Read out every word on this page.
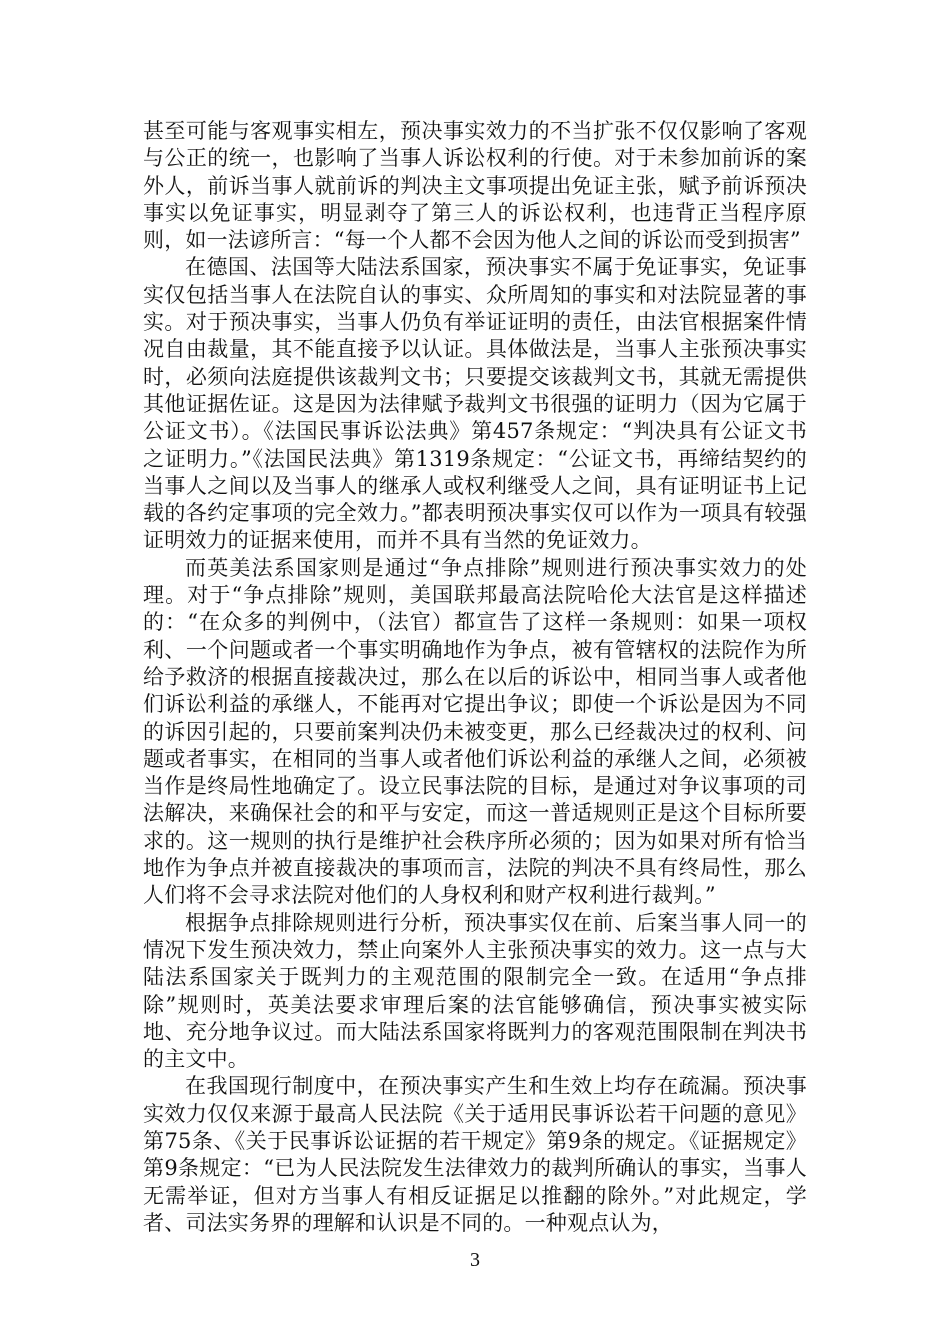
甚至可能与客观事实相左，预决事实效力的不当扩张不仅仅影响了客观与公正的统一，也影响了当事人诉讼权利的行使。对于未参加前诉的案外人，前诉当事人就前诉的判决主文事项提出免证主张，赋予前诉预决事实以免证事实，明显剥夺了第三人的诉讼权利，也违背正当程序原则，如一法谚所言：“每一个人都不会因为他人之间的诉讼而受到损害”

在德国、法国等大陆法系国家，预决事实不属于免证事实，免证事实仅包括当事人在法院自认的事实、众所周知的事实和对法院显著的事实。对于预决事实，当事人仍负有举证证明的责任，由法官根据案件情况自由裁量，其不能直接予以认证。具体做法是，当事人主张预决事实时，必须向法庭提供该裁判文书；只要提交该裁判文书，其就无需提供其他证据佐证。这是因为法律赋予裁判文书很强的证明力（因为它属于公证文书）。《法国民事诉讼法典》第457条规定：“判决具有公证文书之证明力。”《法国民法典》第1319条规定：“公证文书，再缔结契约的当事人之间以及当事人的继承人或权利继受人之间，具有证明证书上记载的各约定事项的完全效力。”都表明预决事实仅可以作为一项具有较强证明效力的证据来使用，而并不具有当然的免证效力。

而英美法系国家则是通过“争点排除”规则进行预决事实效力的处理。对于“争点排除”规则，美国联邦最高法院哈伦大法官是这样描述的：“在众多的判例中，（法官）都宣告了这样一条规则：如果一项权利、一个问题或者一个事实明确地作为争点，被有管辖权的法院作为所给予救济的根据直接裁决过，那么在以后的诉讼中，相同当事人或者他们诉讼利益的承继人，不能再对它提出争议；即使一个诉讼是因为不同的诉因引起的，只要前案判决仍未被变更，那么已经裁决过的权利、问题或者事实，在相同的当事人或者他们诉讼利益的承继人之间，必须被当作是终局性地确定了。设立民事法院的目标，是通过对争议事项的司法解决，来确保社会的和平与安定，而这一普适规则正是这个目标所要求的。这一规则的执行是维护社会秩序所必须的；因为如果对所有恰当地作为争点并被直接裁决的事项而言，法院的判决不具有终局性，那么人们将不会寻求法院对他们的人身权利和财产权利进行裁判。”

根据争点排除规则进行分析，预决事实仅在前、后案当事人同一的情况下发生预决效力，禁止向案外人主张预决事实的效力。这一点与大陆法系国家关于既判力的主观范围的限制完全一致。在适用“争点排除”规则时，英美法要求审理后案的法官能够确信，预决事实被实际地、充分地争议过。而大陆法系国家将既判力的客观范围限制在判决书的主文中。

在我国现行制度中，在预决事实产生和生效上均存在疏漏。预决事实效力仅仅来源于最高人民法院《关于适用民事诉讼若干问题的意见》第75条、《关于民事诉讼证据的若干规定》第9条的规定。《证据规定》第9条规定：“已为人民法院发生法律效力的裁判所确认的事实，当事人无需举证，但对方当事人有相反证据足以推翻的除外。”对此规定，学者、司法实务界的理解和认识是不同的。一种观点认为，

3
